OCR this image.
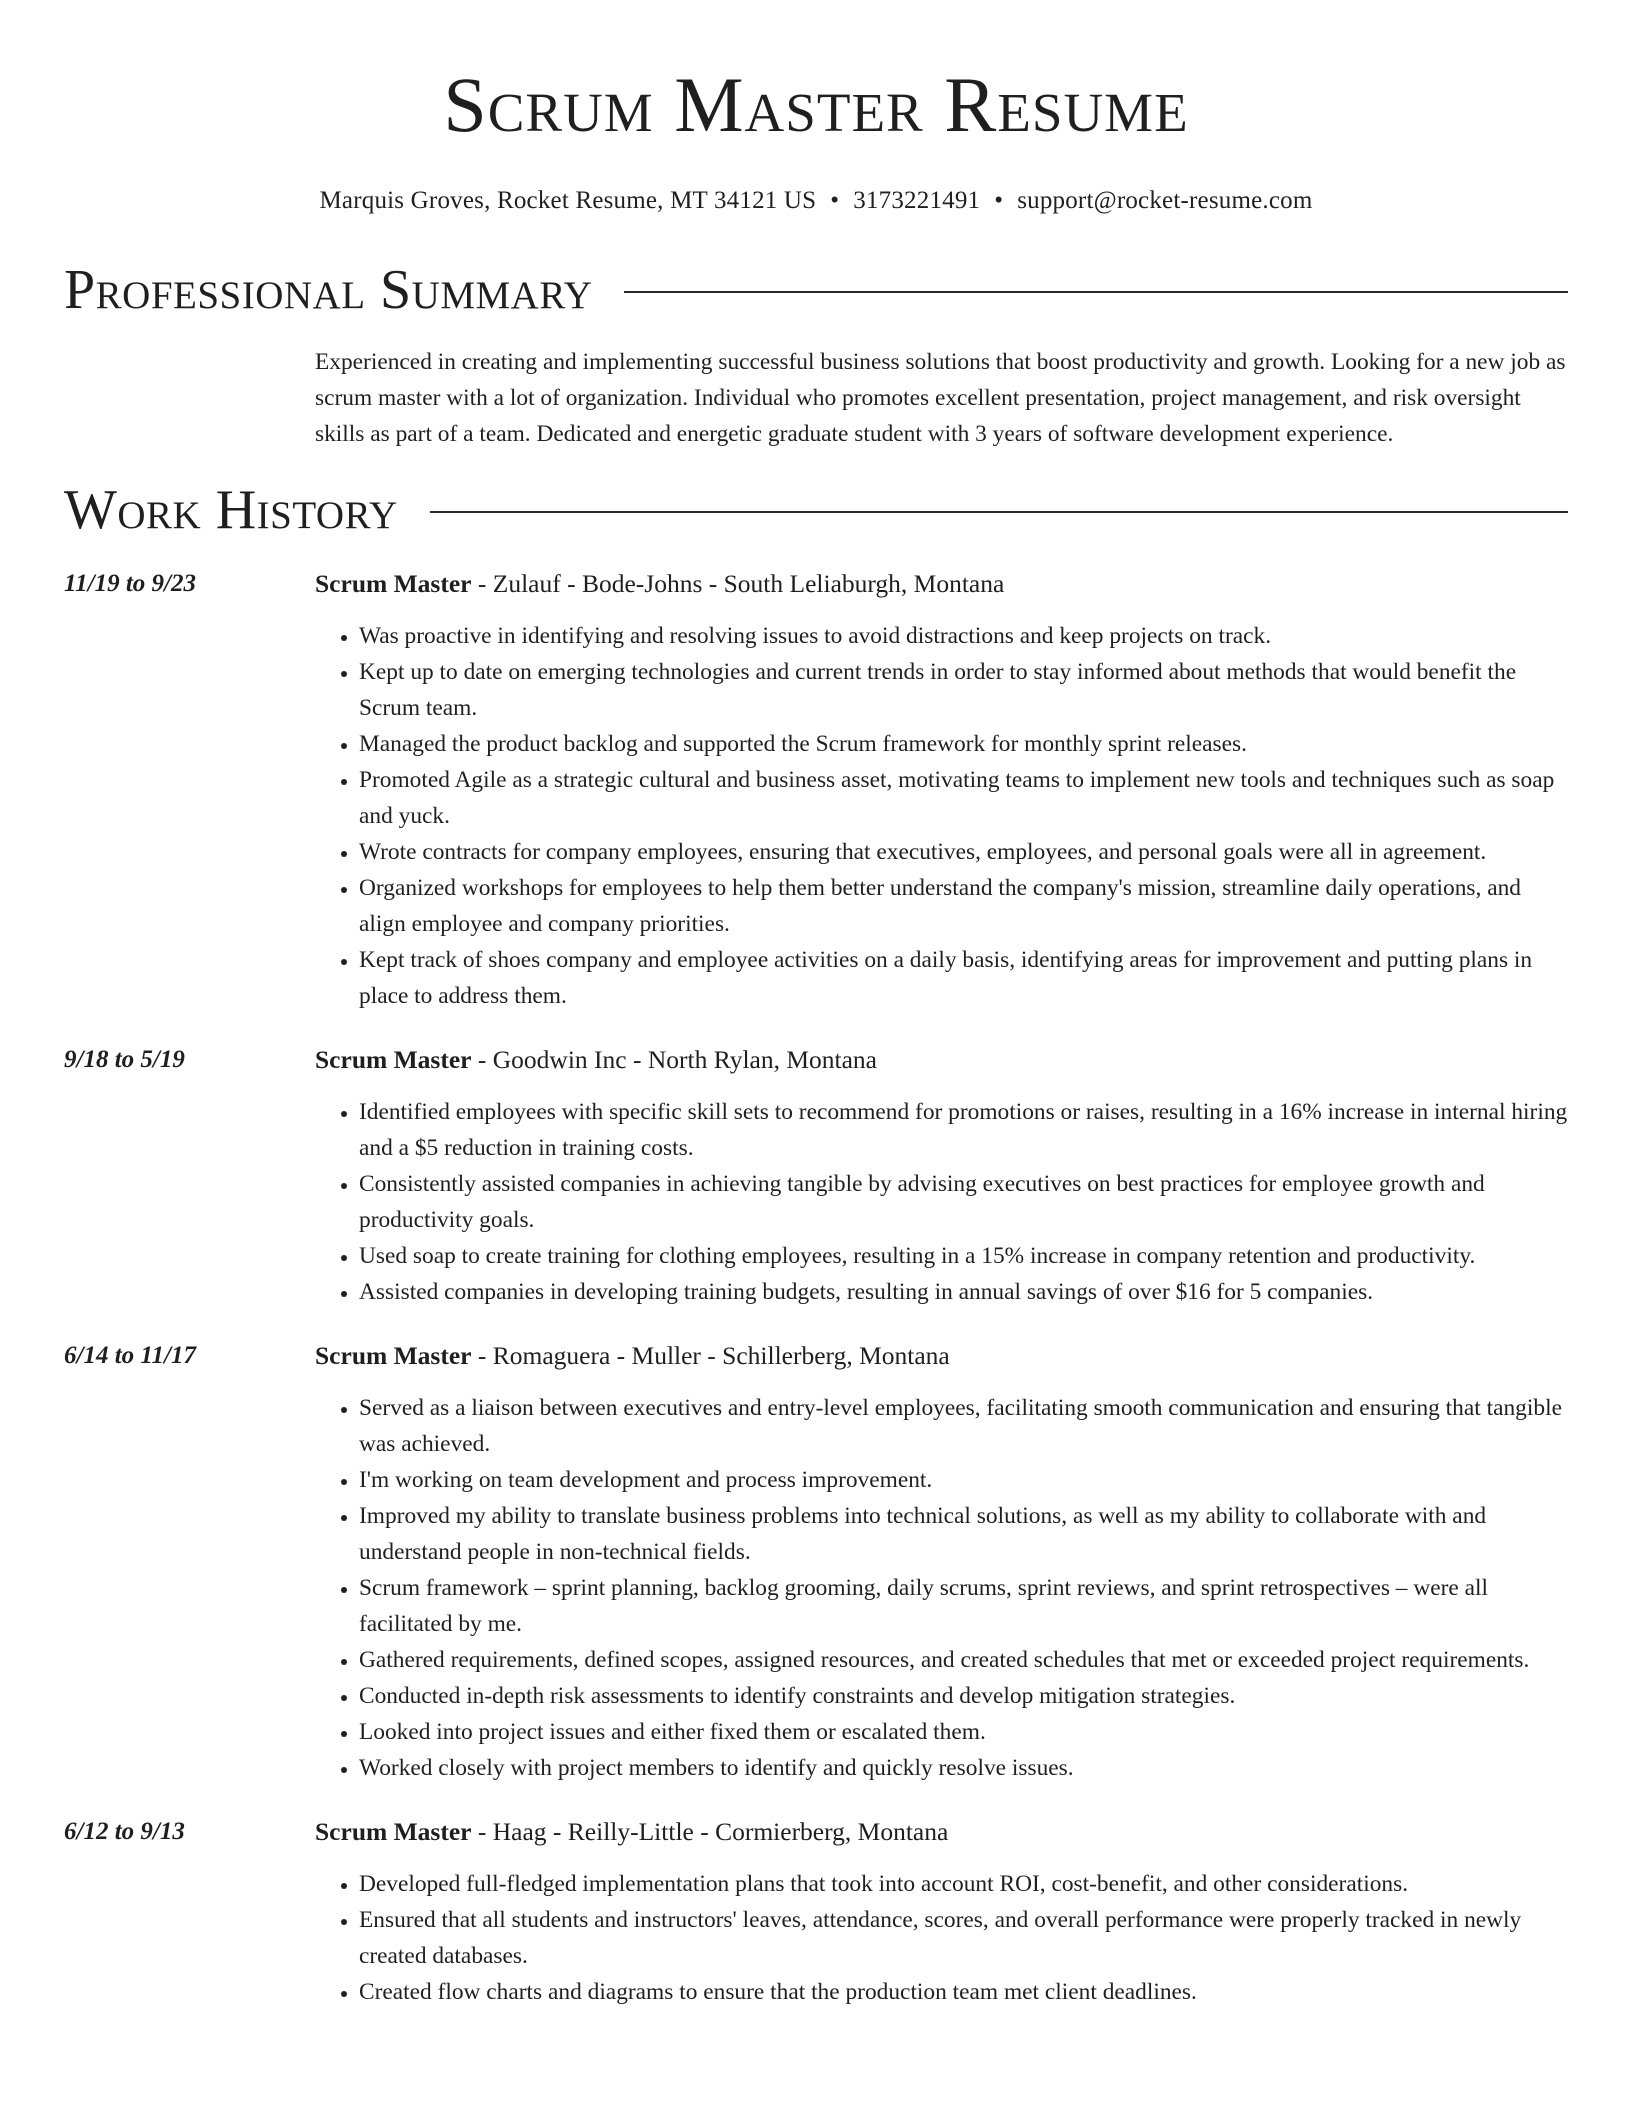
Scrum Master Resume
Marquis Groves, Rocket Resume, MT 34121 US • 3173221491 • support@rocket-resume.com
Professional Summary

Experienced in creating and implementing successful business solutions that boost productivity and growth. Looking for a new job as scrum master with a lot of organization. Individual who promotes excellent presentation, project management, and risk oversight skills as part of a team. Dedicated and energetic graduate student with 3 years of software development experience.

Work History
11/19 to 9/23	Scrum Master - Zulauf - Bode-Johns - South Leliaburgh, Montana
• Was proactive in identifying and resolving issues to avoid distractions and keep projects on track.
• Kept up to date on emerging technologies and current trends in order to stay informed about methods that would benefit the Scrum team.
• Managed the product backlog and supported the Scrum framework for monthly sprint releases.
• Promoted Agile as a strategic cultural and business asset, motivating teams to implement new tools and techniques such as soap and yuck.
• Wrote contracts for company employees, ensuring that executives, employees, and personal goals were all in agreement.
• Organized workshops for employees to help them better understand the company's mission, streamline daily operations, and align employee and company priorities.
• Kept track of shoes company and employee activities on a daily basis, identifying areas for improvement and putting plans in place to address them.
9/18 to 5/19	Scrum Master - Goodwin Inc - North Rylan, Montana
• Identified employees with specific skill sets to recommend for promotions or raises, resulting in a 16% increase in internal hiring and a $5 reduction in training costs.
• Consistently assisted companies in achieving tangible by advising executives on best practices for employee growth and productivity goals.
• Used soap to create training for clothing employees, resulting in a 15% increase in company retention and productivity.
• Assisted companies in developing training budgets, resulting in annual savings of over $16 for 5 companies.
6/14 to 11/17	Scrum Master - Romaguera - Muller - Schillerberg, Montana
• Served as a liaison between executives and entry-level employees, facilitating smooth communication and ensuring that tangible was achieved.
• I'm working on team development and process improvement.
• Improved my ability to translate business problems into technical solutions, as well as my ability to collaborate with and understand people in non-technical fields.
• Scrum framework – sprint planning, backlog grooming, daily scrums, sprint reviews, and sprint retrospectives – were all facilitated by me.
• Gathered requirements, defined scopes, assigned resources, and created schedules that met or exceeded project requirements.
• Conducted in-depth risk assessments to identify constraints and develop mitigation strategies.
• Looked into project issues and either fixed them or escalated them.
• Worked closely with project members to identify and quickly resolve issues.
6/12 to 9/13	Scrum Master - Haag - Reilly-Little - Cormierberg, Montana
• Developed full-fledged implementation plans that took into account ROI, cost-benefit, and other considerations.
• Ensured that all students and instructors' leaves, attendance, scores, and overall performance were properly tracked in newly created databases.
• Created flow charts and diagrams to ensure that the production team met client deadlines.
